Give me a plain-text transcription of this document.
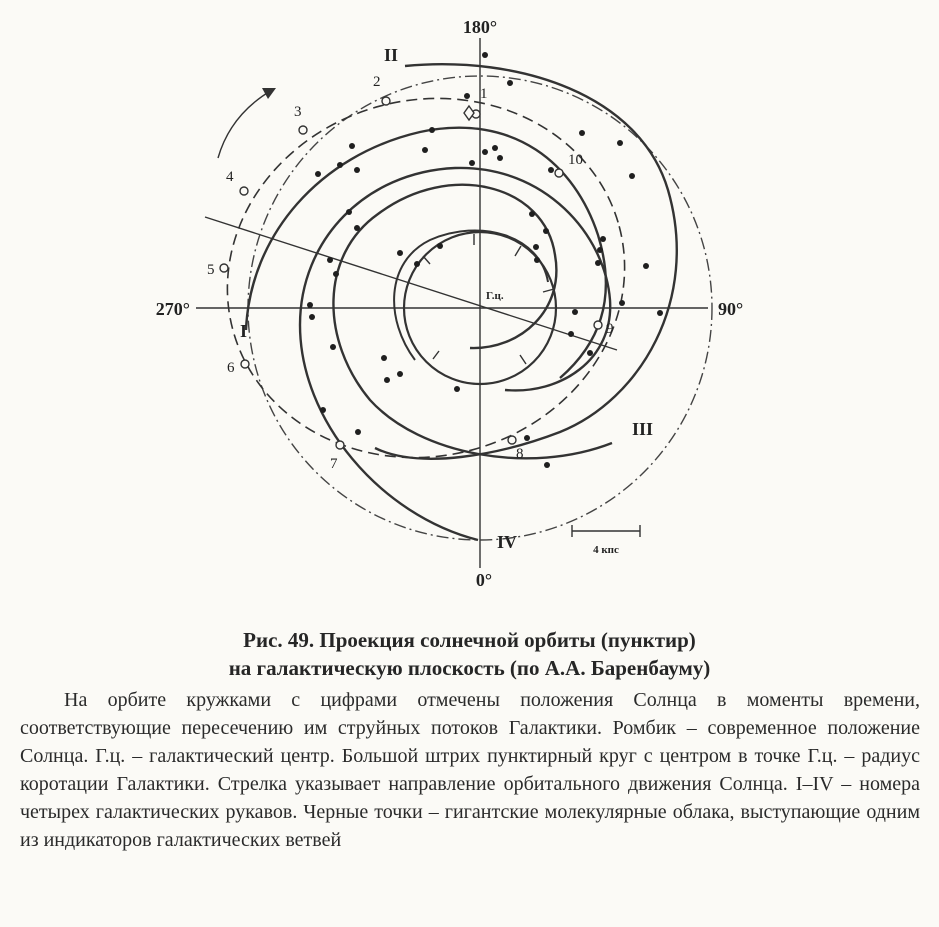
180°
0°
270°	90°
Г.ц.
II
I
III
IV
1
2
3
4
5
6
7
8
9
10
4 кпс
Рис. 49. Проекция солнечной орбиты (пунктир)
на галактическую плоскость (по А.А. Баренбауму)
На орбите кружками с цифрами отмечены положения Солнца в моменты времени, соответствующие пересечению им струйных потоков Галактики. Ромбик – современное положение Солнца. Г.ц. – галактический центр. Большой штрих пунктирный круг с центром в точке Г.ц. – радиус коротации Галактики. Стрелка указывает направление орбитального движения Солнца. I–IV – номера четырех галактических рукавов. Черные точки – гигантские молекулярные облака, выступающие одним из индикаторов галактических ветвей
